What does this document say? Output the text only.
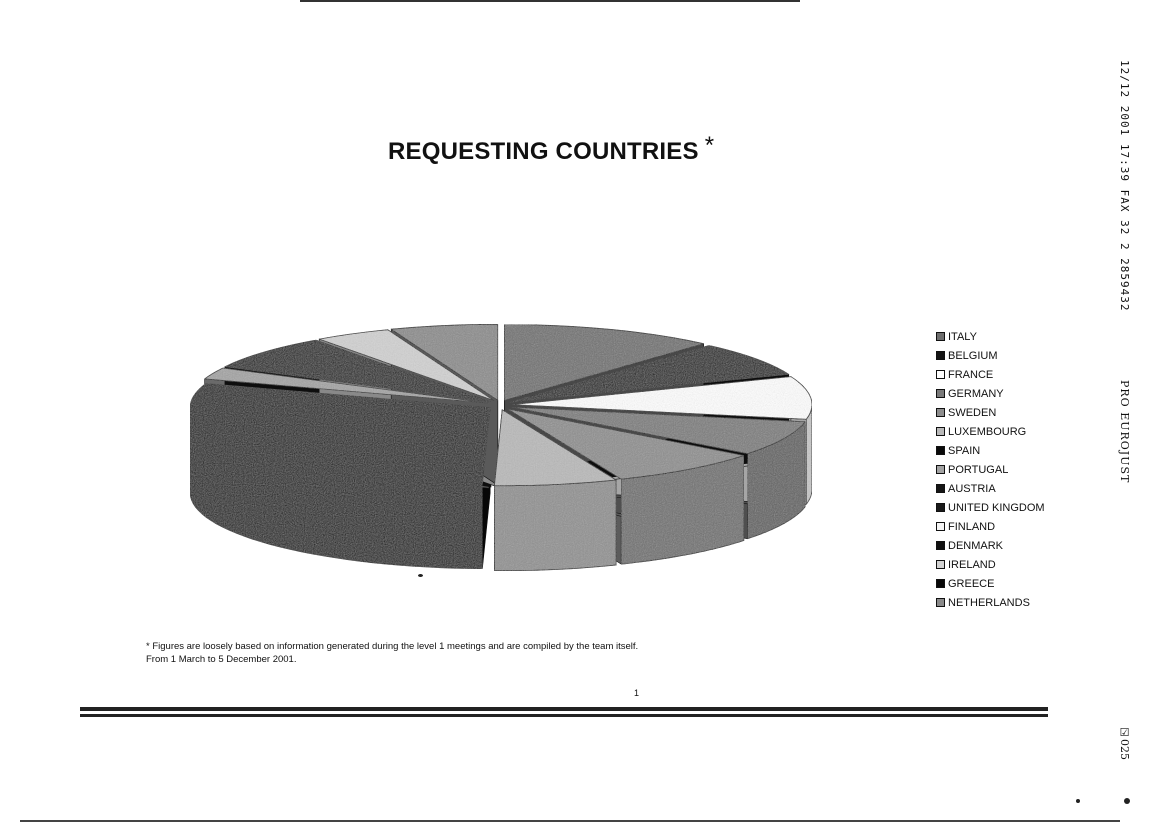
REQUESTING COUNTRIES *
ITALY
BELGIUM
FRANCE
GERMANY
SWEDEN
LUXEMBOURG
SPAIN
PORTUGAL
AUSTRIA
UNITED KINGDOM
FINLAND
DENMARK
IRELAND
GREECE
NETHERLANDS
* Figures are loosely based on information generated during the level 1 meetings and are compiled by the team itself.
From 1 March to 5 December 2001.
1
12/12 2001 17:39 FAX 32 2 2859432
PRO EUROJUST
☑025
